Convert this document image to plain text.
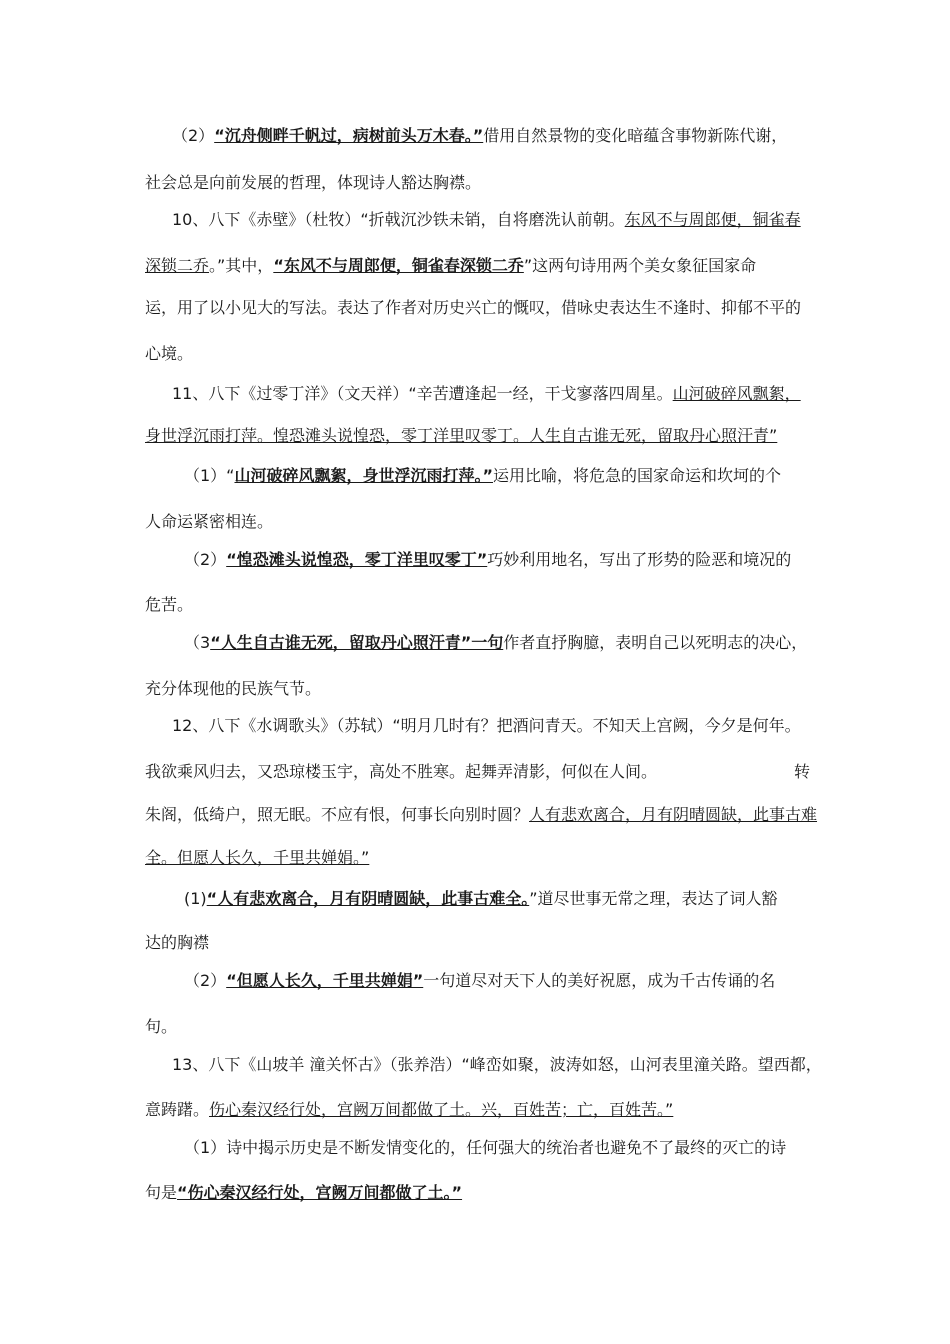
（2）“沉舟侧畔千帆过，病树前头万木春。”借用自然景物的变化暗蕴含事物新陈代谢，
社会总是向前发展的哲理，体现诗人豁达胸襟。
10、八下《赤壁》（杜牧）“折戟沉沙铁未销，自将磨洗认前朝。东风不与周郎便，铜雀春
深锁二乔。”其中，“东风不与周郎便，铜雀春深锁二乔”这两句诗用两个美女象征国家命
运，用了以小见大的写法。表达了作者对历史兴亡的慨叹，借咏史表达生不逢时、抑郁不平的
心境。
11、八下《过零丁洋》（文天祥）“辛苦遭逢起一经，干戈寥落四周星。山河破碎风飘絮，
身世浮沉雨打萍。惶恐滩头说惶恐，零丁洋里叹零丁。人生自古谁无死，留取丹心照汗青”
（1）“山河破碎风飘絮，身世浮沉雨打萍。”运用比喻，将危急的国家命运和坎坷的个
人命运紧密相连。
（2）“惶恐滩头说惶恐，零丁洋里叹零丁”巧妙利用地名，写出了形势的险恶和境况的
危苦。
（3“人生自古谁无死，留取丹心照汗青”一句作者直抒胸臆，表明自己以死明志的决心，
充分体现他的民族气节。
12、八下《水调歌头》（苏轼）“明月几时有？把酒问青天。不知天上宫阙，今夕是何年。
我欲乘风归去，又恐琼楼玉宇，高处不胜寒。起舞弄清影，何似在人间。	转
朱阁，低绮户，照无眠。不应有恨，何事长向别时圆？人有悲欢离合，月有阴晴圆缺，此事古难
全。但愿人长久，千里共婵娟。”
(1)“人有悲欢离合，月有阴晴圆缺，此事古难全。”道尽世事无常之理，表达了词人豁
达的胸襟
（2）“但愿人长久，千里共婵娟”一句道尽对天下人的美好祝愿，成为千古传诵的名
句。
13、八下《山坡羊 潼关怀古》（张养浩）“峰峦如聚，波涛如怒，山河表里潼关路。望西都，
意踌躇。伤心秦汉经行处，宫阙万间都做了土。兴，百姓苦；亡，百姓苦。”
（1）诗中揭示历史是不断发情变化的，任何强大的统治者也避免不了最终的灭亡的诗
句是“伤心秦汉经行处，宫阙万间都做了土。”
